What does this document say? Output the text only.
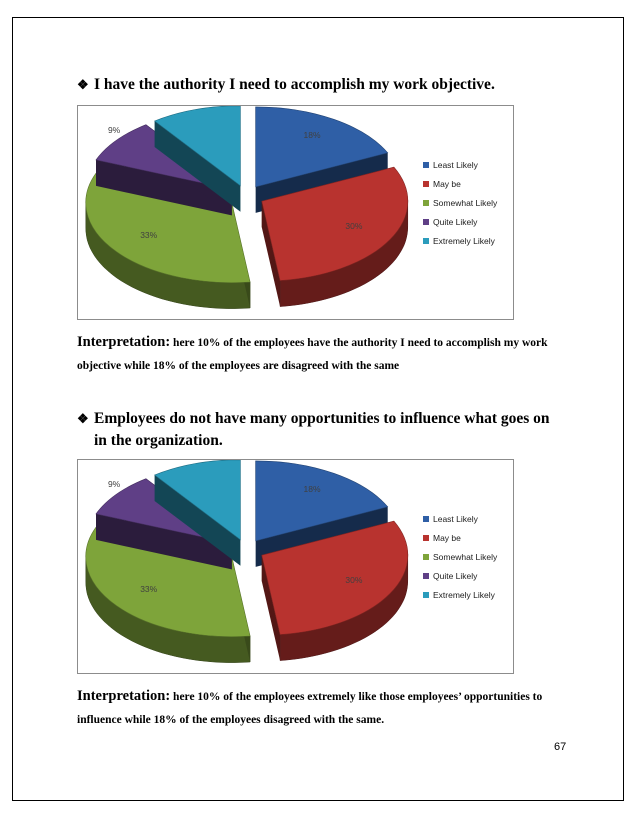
❖ I have the authority I need to accomplish my work objective.
18%
30%
33%
9%
Least Likely
May be
Somewhat Likely
Quite Likely
Extremely Likely
Interpretation: here 10% of the employees have the authority I need to accomplish my work objective while 18% of the employees are disagreed with the same
❖ Employees do not have many opportunities to influence what goes on in the organization.
18%
30%
33%
9%
Least Likely
May be
Somewhat Likely
Quite Likely
Extremely Likely
Interpretation: here 10% of the employees extremely like those employees’ opportunities to influence while 18% of the employees disagreed with the same.
67
